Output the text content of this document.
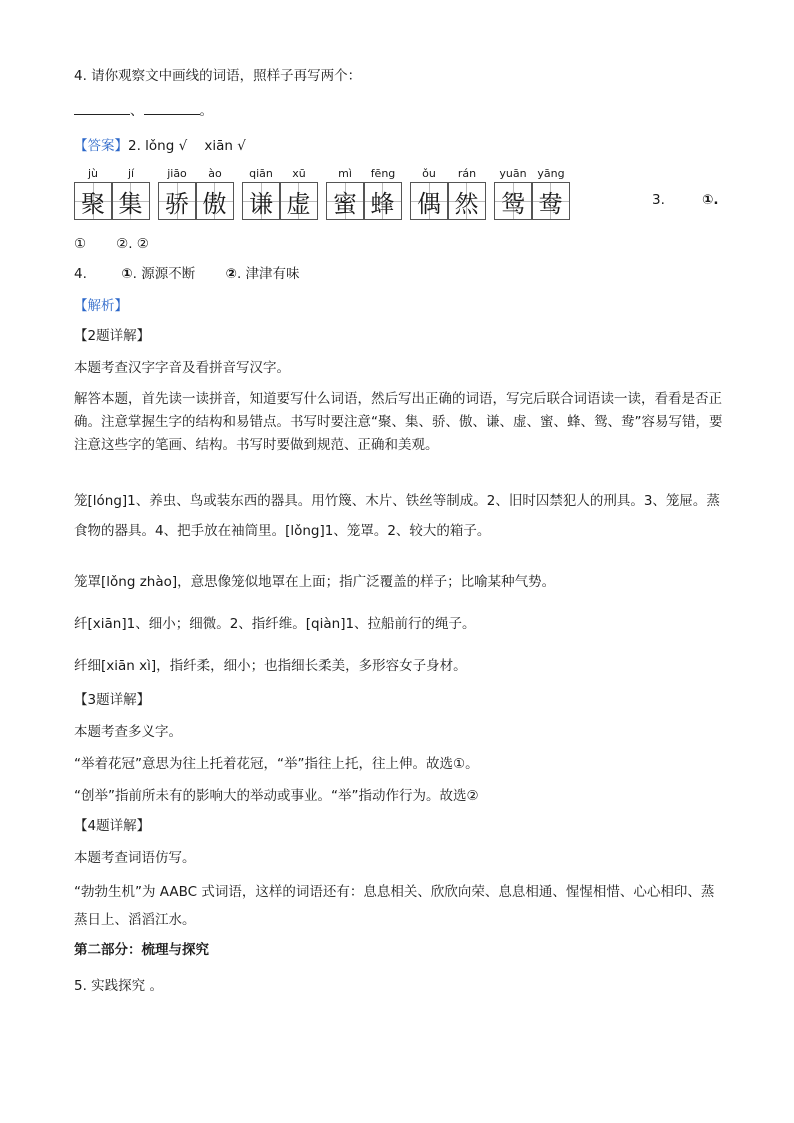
4. 请你观察文中画线的词语，照样子再写两个：
、	。
【答案】2. lǒng √    xiān √
jù
聚
jí
集
jiāo
骄
ào
傲
qiān
谦
xū
虚
mì
蜜
fēng
蜂
ǒu
偶
rán
然
yuān
鸳
yāng
鸯	3.	①.
① ②. ②
4.	①. 源源不断 ②. 津津有味
【解析】
【2题详解】
本题考查汉字字音及看拼音写汉字。
解答本题，首先读一读拼音，知道要写什么词语，然后写出正确的词语，写完后联合词语读一读，看看是否正确。注意掌握生字的结构和易错点。书写时要注意“聚、集、骄、傲、谦、虚、蜜、蜂、鸳、鸯”容易写错，要注意这些字的笔画、结构。书写时要做到规范、正确和美观。
笼[lóng]1、养虫、鸟或装东西的器具。用竹篾、木片、铁丝等制成。2、旧时囚禁犯人的刑具。3、笼屉。蒸食物的器具。4、把手放在袖筒里。[lǒng]1、笼罩。2、较大的箱子。
笼罩[lǒng zhào]，意思像笼似地罩在上面；指广泛覆盖的样子；比喻某种气势。
纤[xiān]1、细小；细微。2、指纤维。[qiàn]1、拉船前行的绳子。
纤细[xiān xì]，指纤柔，细小；也指细长柔美，多形容女子身材。
【3题详解】
本题考查多义字。
“举着花冠”意思为往上托着花冠，“举”指往上托，往上伸。故选①。
“创举”指前所未有的影响大的举动或事业。“举”指动作行为。故选②
【4题详解】
本题考查词语仿写。
“勃勃生机”为 AABC 式词语，这样的词语还有：息息相关、欣欣向荣、息息相通、惺惺相惜、心心相印、蒸蒸日上、滔滔江水。
第二部分：梳理与探究
5. 实践探究 。
